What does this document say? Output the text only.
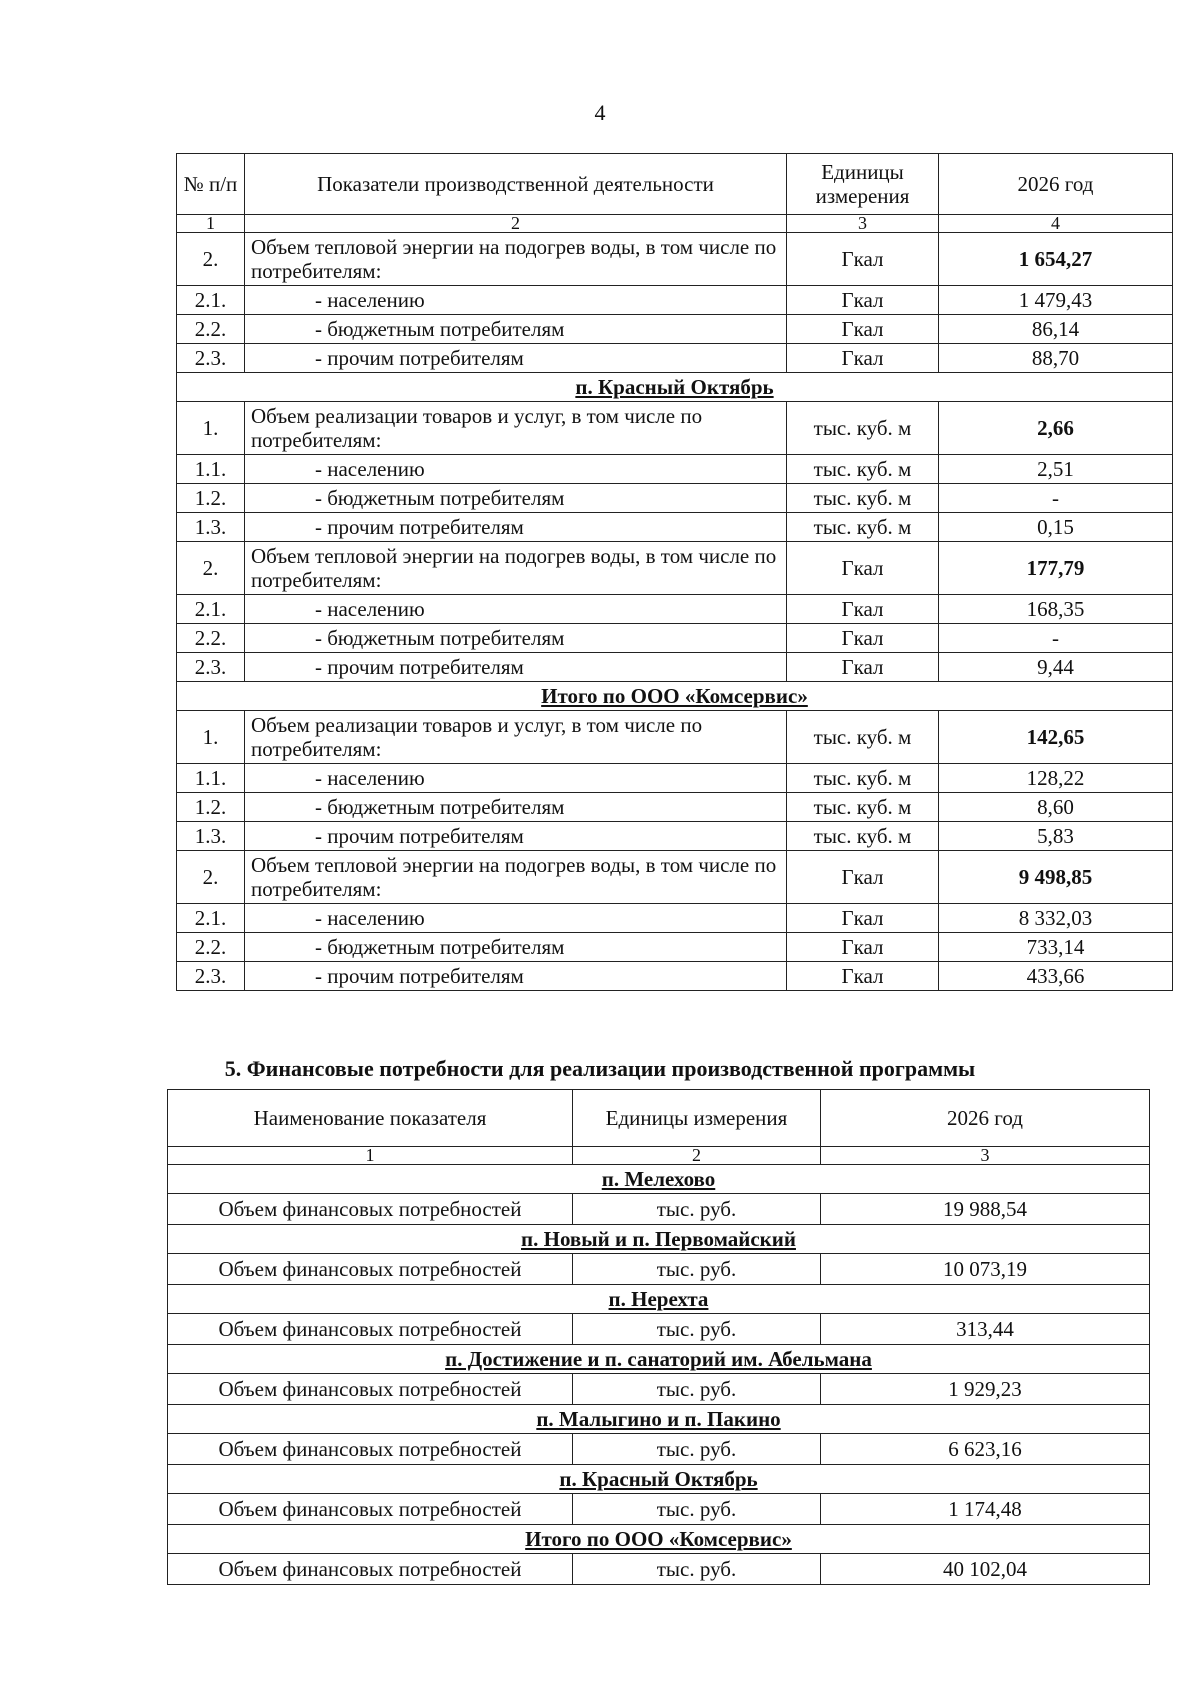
4
№ п/п	Показатели производственной деятельности	Единицы измерения	2026 год
1	2	3	4
2.	Объем тепловой энергии на подогрев воды, в том числе по потребителям:	Гкал	1 654,27
2.1.	- населению	Гкал	1 479,43
2.2.	- бюджетным потребителям	Гкал	86,14
2.3.	- прочим потребителям	Гкал	88,70
п. Красный Октябрь			
1.	Объем реализации товаров и услуг, в том числе по потребителям:	тыс. куб. м	2,66
1.1.	- населению	тыс. куб. м	2,51
1.2.	- бюджетным потребителям	тыс. куб. м	-
1.3.	- прочим потребителям	тыс. куб. м	0,15
2.	Объем тепловой энергии на подогрев воды, в том числе по потребителям:	Гкал	177,79
2.1.	- населению	Гкал	168,35
2.2.	- бюджетным потребителям	Гкал	-
2.3.	- прочим потребителям	Гкал	9,44
Итого по ООО «Комсервис»			
1.	Объем реализации товаров и услуг, в том числе по потребителям:	тыс. куб. м	142,65
1.1.	- населению	тыс. куб. м	128,22
1.2.	- бюджетным потребителям	тыс. куб. м	8,60
1.3.	- прочим потребителям	тыс. куб. м	5,83
2.	Объем тепловой энергии на подогрев воды, в том числе по потребителям:	Гкал	9 498,85
2.1.	- населению	Гкал	8 332,03
2.2.	- бюджетным потребителям	Гкал	733,14
2.3.	- прочим потребителям	Гкал	433,66
5. Финансовые потребности для реализации производственной программы
Наименование показателя	Единицы измерения	2026 год
1	2	3
п. Мелехово		
Объем финансовых потребностей	тыс. руб.	19 988,54
п. Новый и п. Первомайский		
Объем финансовых потребностей	тыс. руб.	10 073,19
п. Нерехта		
Объем финансовых потребностей	тыс. руб.	313,44
п. Достижение и п. санаторий им. Абельмана		
Объем финансовых потребностей	тыс. руб.	1 929,23
п. Малыгино и п. Пакино		
Объем финансовых потребностей	тыс. руб.	6 623,16
п. Красный Октябрь		
Объем финансовых потребностей	тыс. руб.	1 174,48
Итого по ООО «Комсервис»		
Объем финансовых потребностей	тыс. руб.	40 102,04
